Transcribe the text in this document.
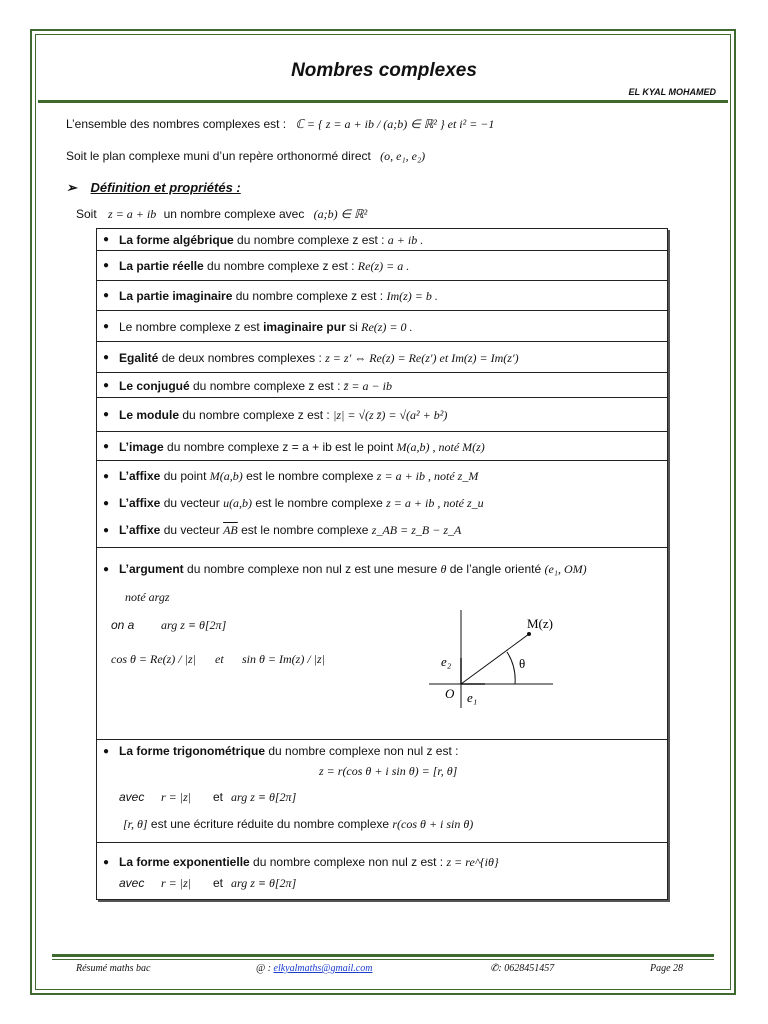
Nombres complexes
EL KYAL MOHAMED
L’ensemble des nombres complexes est : ℂ = { z = a + ib / (a;b) ∈ ℝ² } et i² = −1
Soit le plan complexe muni d’un repère orthonormé direct (o, e₁, e₂)
➢ Définition et propriétés :
Soit z = a + ib un nombre complexe avec (a;b) ∈ ℝ²
● La forme algébrique du nombre complexe z est : a + ib .
● La partie réelle du nombre complexe z est : Re(z) = a .
● La partie imaginaire du nombre complexe z est : Im(z) = b .
● Le nombre complexe z est imaginaire pur si Re(z) = 0 .
● Egalité de deux nombres complexes : z = z′ ⇔ Re(z) = Re(z′) et Im(z) = Im(z′)
● Le conjugué du nombre complexe z est : z̄ = a − ib
● Le module du nombre complexe z est : |z| = √(z z̄) = √(a² + b²)
● L’image du nombre complexe z = a + ib est le point M(a,b) , noté M(z)
● L’affixe du point M(a,b) est le nombre complexe z = a + ib , noté z_M
● L’affixe du vecteur u(a,b) est le nombre complexe z = a + ib , noté z_u
● L’affixe du vecteur $\overline{AB}$ est le nombre complexe z_AB = z_B − z_A
● L’argument du nombre complexe non nul z est une mesure θ de l’angle orienté (e₁, OM)
noté argz
on a arg z ≡ θ[2π]
cos θ = Re(z) / |z| et sin θ = Im(z) / |z|
M(z)
θ
O e₁
e₂
● La forme trigonométrique du nombre complexe non nul z est :
z = r(cos θ + i sin θ) = [r, θ]
avec r = |z| et arg z ≡ θ[2π]
[r, θ] est une écriture réduite du nombre complexe r(cos θ + i sin θ)
● La forme exponentielle du nombre complexe non nul z est : z = re^{iθ}
avec r = |z| et arg z ≡ θ[2π]
Résumé maths bac	@ : elkyalmaths@gmail.com	✆: 0628451457	Page 28
